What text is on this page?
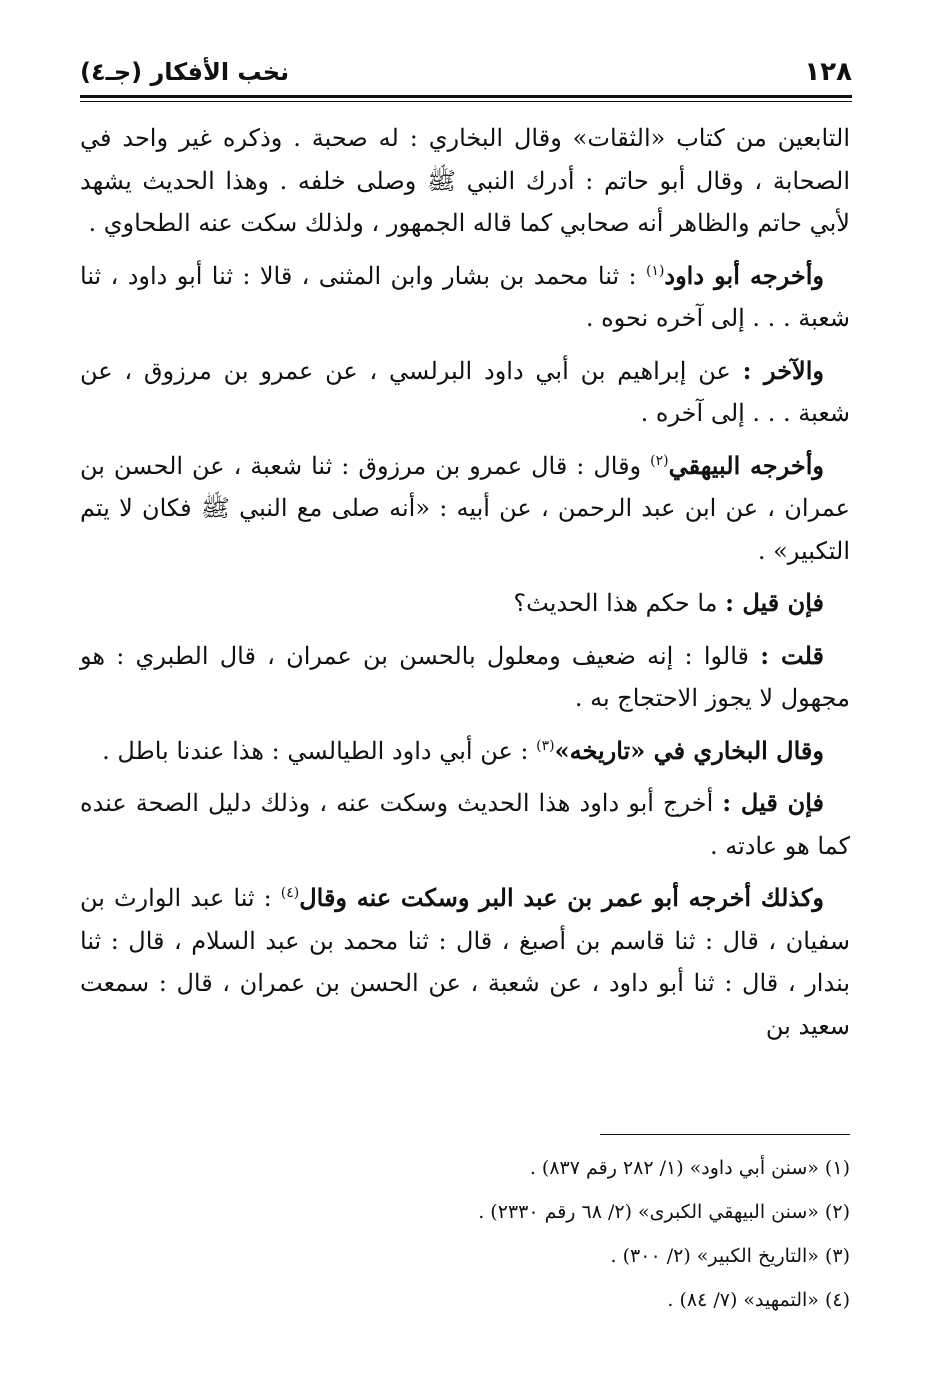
١٢٨
نخب الأفكار (جـ٤)

التابعين من كتاب «الثقات» وقال البخاري : له صحبة . وذكره غير واحد في الصحابة ، وقال أبو حاتم : أدرك النبي ﷺ وصلى خلفه . وهذا الحديث يشهد لأبي حاتم والظاهر أنه صحابي كما قاله الجمهور ، ولذلك سكت عنه الطحاوي .

وأخرجه أبو داود$^{(١)}$ : ثنا محمد بن بشار وابن المثنى ، قالا : ثنا أبو داود ، ثنا شعبة . . . إلى آخره نحوه .

والآخر : عن إبراهيم بن أبي داود البرلسي ، عن عمرو بن مرزوق ، عن شعبة . . . إلى آخره .

وأخرجه البيهقي$^{(٢)}$ وقال : قال عمرو بن مرزوق : ثنا شعبة ، عن الحسن بن عمران ، عن ابن عبد الرحمن ، عن أبيه : «أنه صلى مع النبي ﷺ فكان لا يتم التكبير» .

فإن قيل : ما حكم هذا الحديث؟

قلت : قالوا : إنه ضعيف ومعلول بالحسن بن عمران ، قال الطبري : هو مجهول لا يجوز الاحتجاج به .

وقال البخاري في «تاريخه»$^{(٣)}$ : عن أبي داود الطيالسي : هذا عندنا باطل .

فإن قيل : أخرج أبو داود هذا الحديث وسكت عنه ، وذلك دليل الصحة عنده كما هو عادته .

وكذلك أخرجه أبو عمر بن عبد البر وسكت عنه وقال$^{(٤)}$ : ثنا عبد الوارث بن سفيان ، قال : ثنا قاسم بن أصبغ ، قال : ثنا محمد بن عبد السلام ، قال : ثنا بندار ، قال : ثنا أبو داود ، عن شعبة ، عن الحسن بن عمران ، قال : سمعت سعيد بن

(١) «سنن أبي داود» (١/ ٢٨٢ رقم ٨٣٧) .

(٢) «سنن البيهقي الكبرى» (٢/ ٦٨ رقم ٢٣٣٠) .

(٣) «التاريخ الكبير» (٢/ ٣٠٠) .

(٤) «التمهيد» (٧/ ٨٤) .
